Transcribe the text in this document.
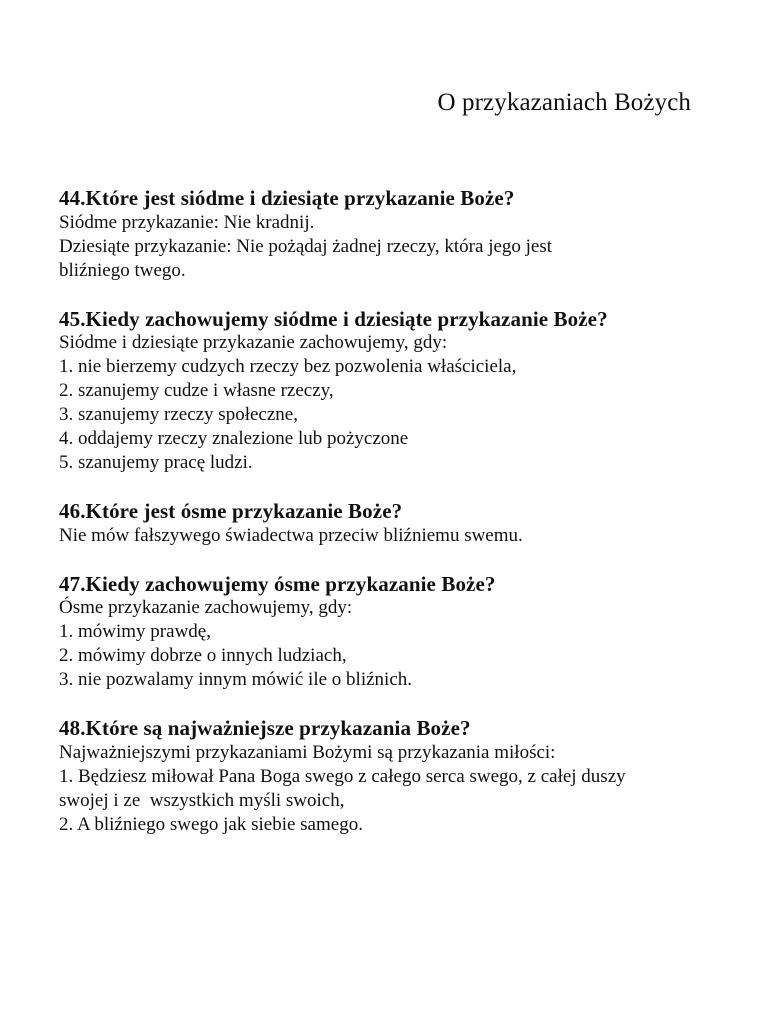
O przykazaniach Bożych
44.Które jest siódme i dziesiąte przykazanie Boże?
Siódme przykazanie: Nie kradnij.
Dziesiąte przykazanie: Nie pożądaj żadnej rzeczy, która jego jest
bliźniego twego.
45.Kiedy zachowujemy siódme i dziesiąte przykazanie Boże?
Siódme i dziesiąte przykazanie zachowujemy, gdy:
1. nie bierzemy cudzych rzeczy bez pozwolenia właściciela,
2. szanujemy cudze i własne rzeczy,
3. szanujemy rzeczy społeczne,
4. oddajemy rzeczy znalezione lub pożyczone
5. szanujemy pracę ludzi.
46.Które jest ósme przykazanie Boże?
Nie mów fałszywego świadectwa przeciw bliźniemu swemu.
47.Kiedy zachowujemy ósme przykazanie Boże?
Ósme przykazanie zachowujemy, gdy:
1. mówimy prawdę,
2. mówimy dobrze o innych ludziach,
3. nie pozwalamy innym mówić ile o bliźnich.
48.Które są najważniejsze przykazania Boże?
Najważniejszymi przykazaniami Bożymi są przykazania miłości:
1. Będziesz miłował Pana Boga swego z całego serca swego, z całej duszy
swojej i ze  wszystkich myśli swoich,
2. A bliźniego swego jak siebie samego.
